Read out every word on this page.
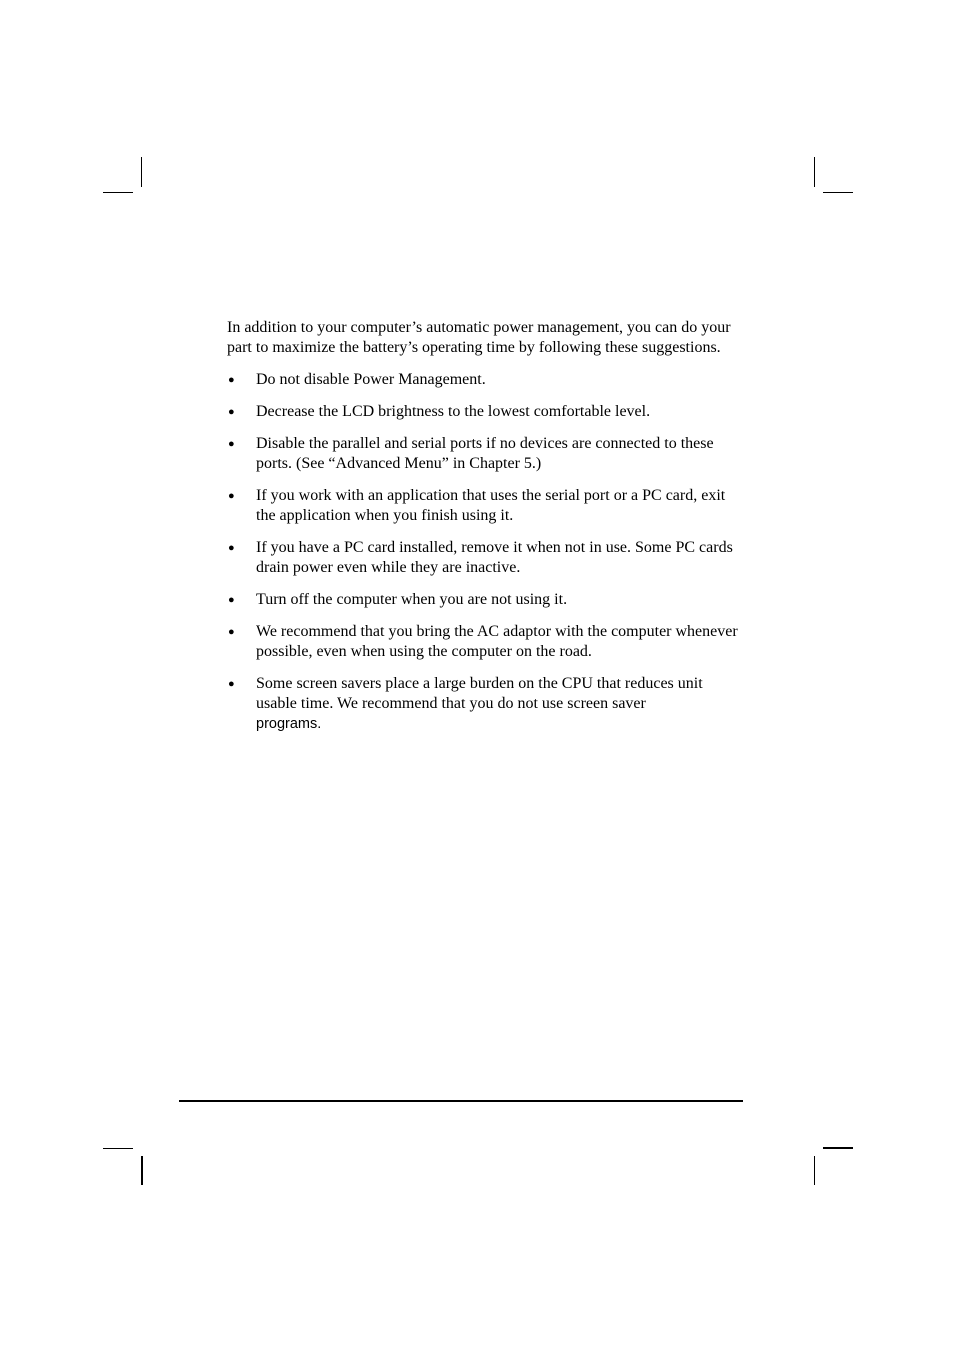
In addition to your computer’s automatic power management, you can do your part to maximize the battery’s operating time by following these suggestions.

● Do not disable Power Management.
● Decrease the LCD brightness to the lowest comfortable level.
● Disable the parallel and serial ports if no devices are connected to these ports. (See “Advanced Menu” in Chapter 5.)
● If you work with an application that uses the serial port or a PC card, exit the application when you finish using it.
● If you have a PC card installed, remove it when not in use. Some PC cards drain power even while they are inactive.
● Turn off the computer when you are not using it.
● We recommend that you bring the AC adaptor with the computer whenever possible, even when using the computer on the road.
● Some screen savers place a large burden on the CPU that reduces unit usable time. We recommend that you do not use screen saver
programs.
